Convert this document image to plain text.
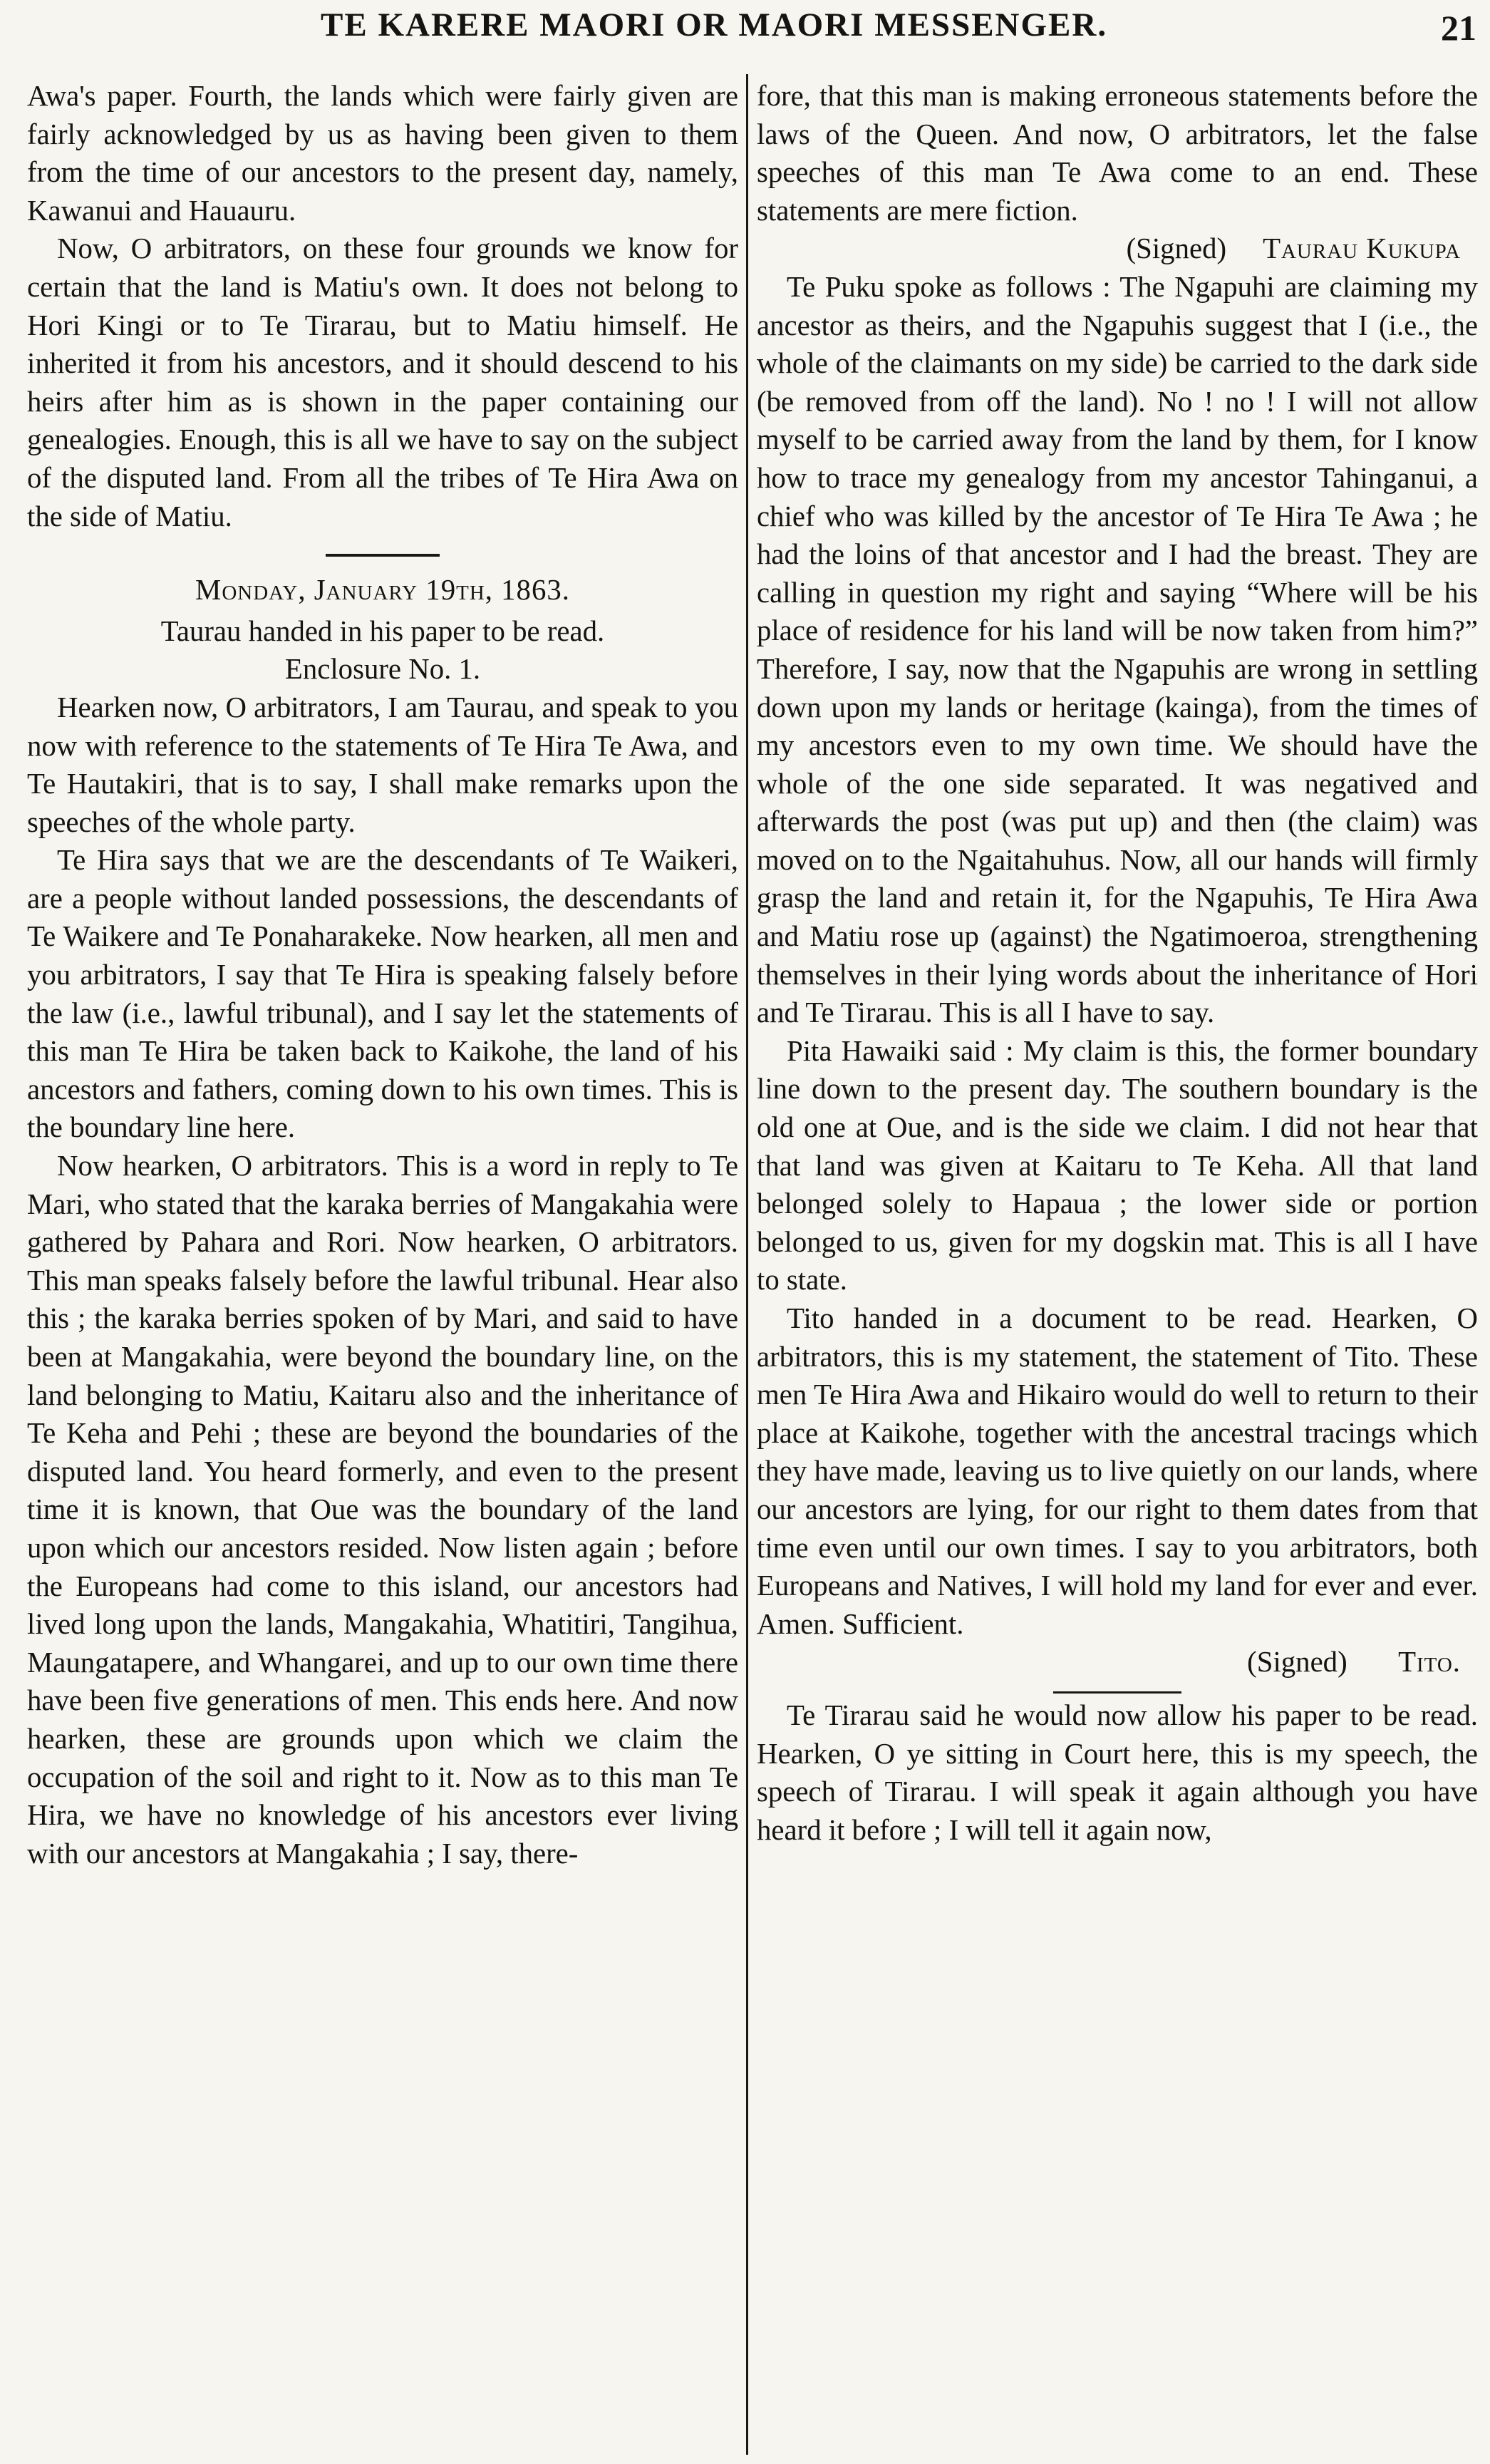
TE KARERE MAORI OR MAORI MESSENGER.	21

Awa's paper. Fourth, the lands which were fairly given are fairly acknowledged by us as having been given to them from the time of our ancestors to the present day, namely, Kawanui and Hauauru.

Now, O arbitrators, on these four grounds we know for certain that the land is Matiu's own. It does not belong to Hori Kingi or to Te Tirarau, but to Matiu himself. He inherited it from his ancestors, and it should descend to his heirs after him as is shown in the paper containing our genealogies. Enough, this is all we have to say on the subject of the disputed land. From all the tribes of Te Hira Awa on the side of Matiu.

Monday, January 19th, 1863.

Taurau handed in his paper to be read.

Enclosure No. 1.

Hearken now, O arbitrators, I am Taurau, and speak to you now with reference to the statements of Te Hira Te Awa, and Te Hautakiri, that is to say, I shall make remarks upon the speeches of the whole party.

Te Hira says that we are the descendants of Te Waikeri, are a people without landed possessions, the descendants of Te Waikere and Te Ponaharakeke. Now hearken, all men and you arbitrators, I say that Te Hira is speaking falsely before the law (i.e., lawful tribunal), and I say let the statements of this man Te Hira be taken back to Kaikohe, the land of his ancestors and fathers, coming down to his own times. This is the boundary line here.

Now hearken, O arbitrators. This is a word in reply to Te Mari, who stated that the karaka berries of Mangakahia were gathered by Pahara and Rori. Now hearken, O arbitrators. This man speaks falsely before the lawful tribunal. Hear also this ; the karaka berries spoken of by Mari, and said to have been at Mangakahia, were beyond the boundary line, on the land belonging to Matiu, Kaitaru also and the inheritance of Te Keha and Pehi ; these are beyond the boundaries of the disputed land. You heard formerly, and even to the present time it is known, that Oue was the boundary of the land upon which our ancestors resided. Now listen again ; before the Europeans had come to this island, our ancestors had lived long upon the lands, Mangakahia, Whatitiri, Tangihua, Maungatapere, and Whangarei, and up to our own time there have been five generations of men. This ends here. And now hearken, these are grounds upon which we claim the occupation of the soil and right to it. Now as to this man Te Hira, we have no knowledge of his ancestors ever living with our ancestors at Mangakahia ; I say, there-

fore, that this man is making erroneous statements before the laws of the Queen. And now, O arbitrators, let the false speeches of this man Te Awa come to an end. These statements are mere fiction.

(Signed) Taurau Kukupa

Te Puku spoke as follows : The Ngapuhi are claiming my ancestor as theirs, and the Ngapuhis suggest that I (i.e., the whole of the claimants on my side) be carried to the dark side (be removed from off the land). No ! no ! I will not allow myself to be carried away from the land by them, for I know how to trace my genealogy from my ancestor Tahinganui, a chief who was killed by the ancestor of Te Hira Te Awa ; he had the loins of that ancestor and I had the breast. They are calling in question my right and saying “Where will be his place of residence for his land will be now taken from him?” Therefore, I say, now that the Ngapuhis are wrong in settling down upon my lands or heritage (kainga), from the times of my ancestors even to my own time. We should have the whole of the one side separated. It was negatived and afterwards the post (was put up) and then (the claim) was moved on to the Ngaitahuhus. Now, all our hands will firmly grasp the land and retain it, for the Ngapuhis, Te Hira Awa and Matiu rose up (against) the Ngatimoeroa, strengthening themselves in their lying words about the inheritance of Hori and Te Tirarau. This is all I have to say.

Pita Hawaiki said : My claim is this, the former boundary line down to the present day. The southern boundary is the old one at Oue, and is the side we claim. I did not hear that that land was given at Kaitaru to Te Keha. All that land belonged solely to Hapaua ; the lower side or portion belonged to us, given for my dogskin mat. This is all I have to state.

Tito handed in a document to be read. Hearken, O arbitrators, this is my statement, the statement of Tito. These men Te Hira Awa and Hikairo would do well to return to their place at Kaikohe, together with the ancestral tracings which they have made, leaving us to live quietly on our lands, where our ancestors are lying, for our right to them dates from that time even until our own times. I say to you arbitrators, both Europeans and Natives, I will hold my land for ever and ever. Amen. Sufficient.

(Signed) Tito.

Te Tirarau said he would now allow his paper to be read. Hearken, O ye sitting in Court here, this is my speech, the speech of Tirarau. I will speak it again although you have heard it before ; I will tell it again now,
